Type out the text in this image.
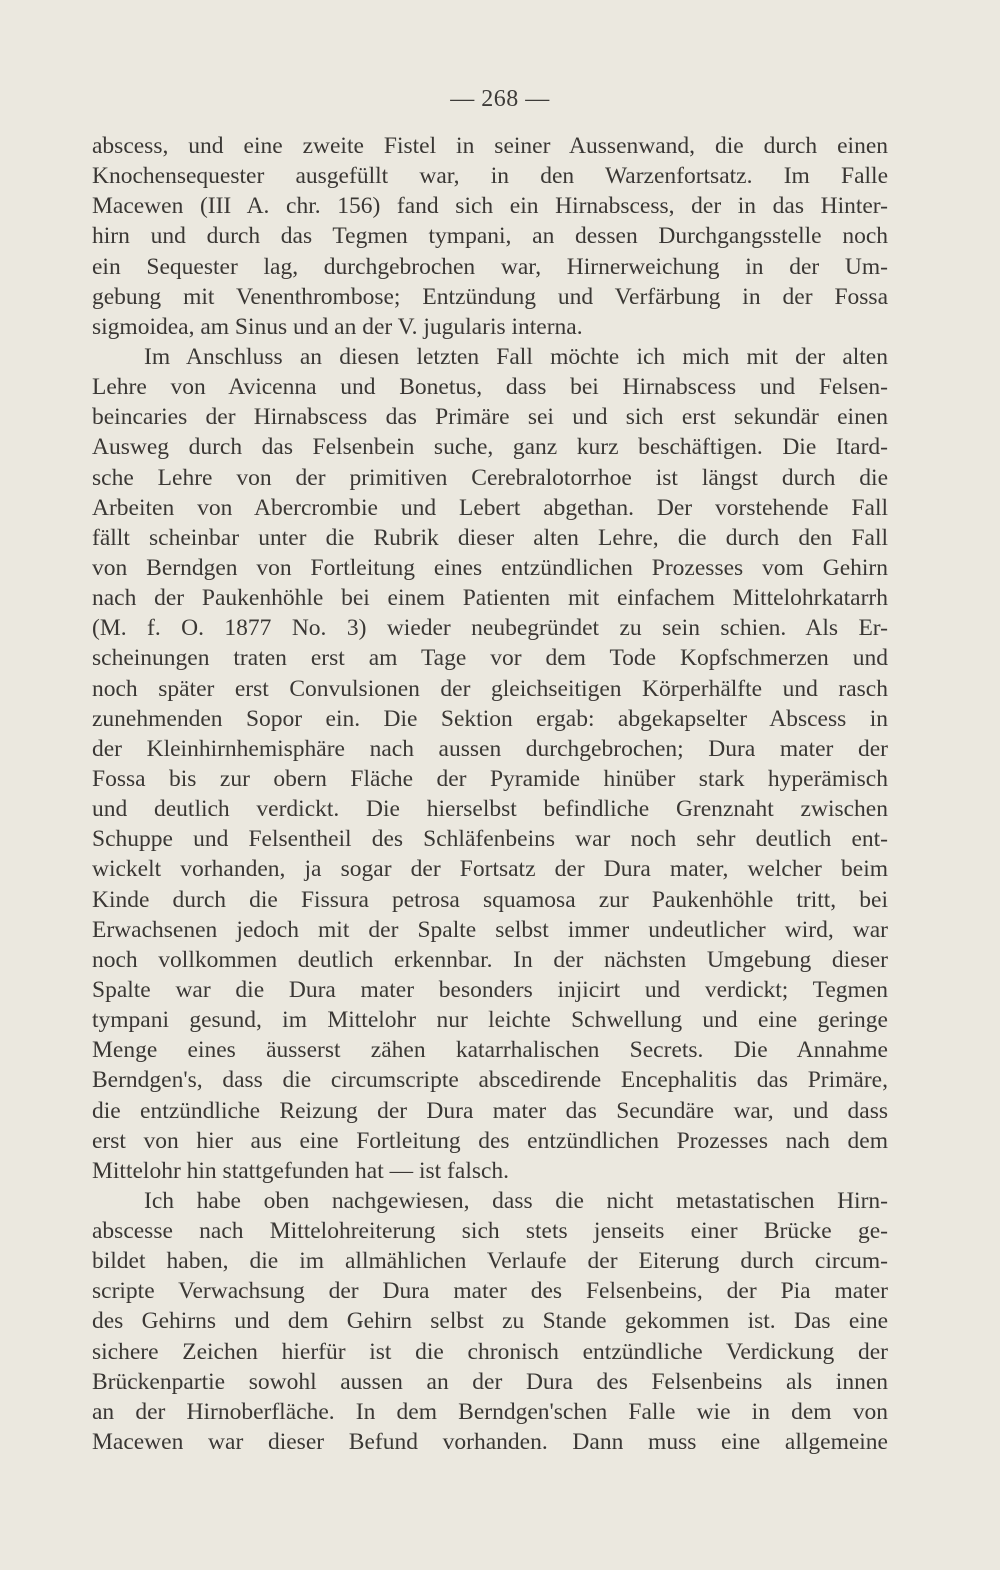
— 268 —
abscess, und eine zweite Fistel in seiner Aussenwand, die durch einen
Knochensequester ausgefüllt war, in den Warzenfortsatz. Im Falle
Macewen (III A. chr. 156) fand sich ein Hirnabscess, der in das Hinter-
hirn und durch das Tegmen tympani, an dessen Durchgangsstelle noch
ein Sequester lag, durchgebrochen war, Hirnerweichung in der Um-
gebung mit Venenthrombose; Entzündung und Verfärbung in der Fossa
sigmoidea, am Sinus und an der V. jugularis interna.
Im Anschluss an diesen letzten Fall möchte ich mich mit der alten
Lehre von Avicenna und Bonetus, dass bei Hirnabscess und Felsen-
beincaries der Hirnabscess das Primäre sei und sich erst sekundär einen
Ausweg durch das Felsenbein suche, ganz kurz beschäftigen. Die Itard-
sche Lehre von der primitiven Cerebralotorrhoe ist längst durch die
Arbeiten von Abercrombie und Lebert abgethan. Der vorstehende Fall
fällt scheinbar unter die Rubrik dieser alten Lehre, die durch den Fall
von Berndgen von Fortleitung eines entzündlichen Prozesses vom Gehirn
nach der Paukenhöhle bei einem Patienten mit einfachem Mittelohrkatarrh
(M. f. O. 1877 No. 3) wieder neubegründet zu sein schien. Als Er-
scheinungen traten erst am Tage vor dem Tode Kopfschmerzen und
noch später erst Convulsionen der gleichseitigen Körperhälfte und rasch
zunehmenden Sopor ein. Die Sektion ergab: abgekapselter Abscess in
der Kleinhirnhemisphäre nach aussen durchgebrochen; Dura mater der
Fossa bis zur obern Fläche der Pyramide hinüber stark hyperämisch
und deutlich verdickt. Die hierselbst befindliche Grenznaht zwischen
Schuppe und Felsentheil des Schläfenbeins war noch sehr deutlich ent-
wickelt vorhanden, ja sogar der Fortsatz der Dura mater, welcher beim
Kinde durch die Fissura petrosa squamosa zur Paukenhöhle tritt, bei
Erwachsenen jedoch mit der Spalte selbst immer undeutlicher wird, war
noch vollkommen deutlich erkennbar. In der nächsten Umgebung dieser
Spalte war die Dura mater besonders injicirt und verdickt; Tegmen
tympani gesund, im Mittelohr nur leichte Schwellung und eine geringe
Menge eines äusserst zähen katarrhalischen Secrets. Die Annahme
Berndgen's, dass die circumscripte abscedirende Encephalitis das Primäre,
die entzündliche Reizung der Dura mater das Secundäre war, und dass
erst von hier aus eine Fortleitung des entzündlichen Prozesses nach dem
Mittelohr hin stattgefunden hat — ist falsch.
Ich habe oben nachgewiesen, dass die nicht metastatischen Hirn-
abscesse nach Mittelohreiterung sich stets jenseits einer Brücke ge-
bildet haben, die im allmählichen Verlaufe der Eiterung durch circum-
scripte Verwachsung der Dura mater des Felsenbeins, der Pia mater
des Gehirns und dem Gehirn selbst zu Stande gekommen ist. Das eine
sichere Zeichen hierfür ist die chronisch entzündliche Verdickung der
Brückenpartie sowohl aussen an der Dura des Felsenbeins als innen
an der Hirnoberfläche. In dem Berndgen'schen Falle wie in dem von
Macewen war dieser Befund vorhanden. Dann muss eine allgemeine
